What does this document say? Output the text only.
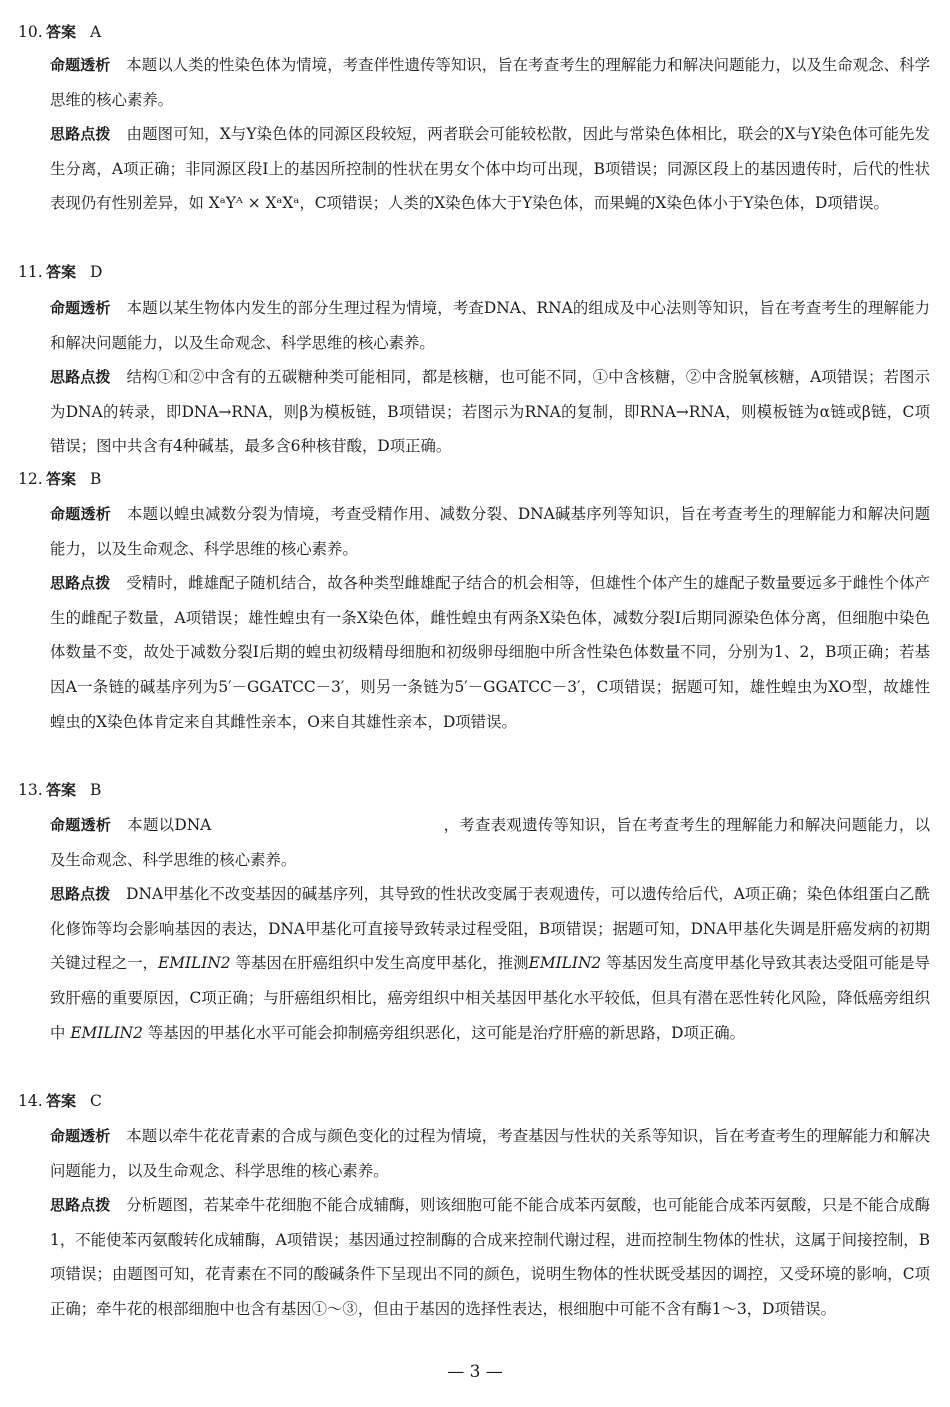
10. 答案 A

命题透析 本题以人类的性染色体为情境，考查伴性遗传等知识，旨在考查考生的理解能力和解决问题能力，以及生命观念、科学思维的核心素养。

思路点拨 由题图可知，X与Y染色体的同源区段较短，两者联会可能较松散，因此与常染色体相比，联会的X与Y染色体可能先发生分离，A项正确；非同源区段Ⅰ上的基因所控制的性状在男女个体中均可出现，B项错误；同源区段上的基因遗传时，后代的性状表现仍有性别差异，如 XᵃYᴬ × XᵃXᵃ，C项错误；人类的X染色体大于Y染色体，而果蝇的X染色体小于Y染色体，D项错误。

11. 答案 D

命题透析 本题以某生物体内发生的部分生理过程为情境，考查DNA、RNA的组成及中心法则等知识，旨在考查考生的理解能力和解决问题能力，以及生命观念、科学思维的核心素养。

思路点拨 结构①和②中含有的五碳糖种类可能相同，都是核糖，也可能不同，①中含核糖，②中含脱氧核糖，A项错误；若图示为DNA的转录，即DNA→RNA，则β为模板链，B项错误；若图示为RNA的复制，即RNA→RNA，则模板链为α链或β链，C项错误；图中共含有4种碱基，最多含6种核苷酸，D项正确。

12. 答案 B

命题透析 本题以蝗虫减数分裂为情境，考查受精作用、减数分裂、DNA碱基序列等知识，旨在考查考生的理解能力和解决问题能力，以及生命观念、科学思维的核心素养。

思路点拨 受精时，雌雄配子随机结合，故各种类型雌雄配子结合的机会相等，但雄性个体产生的雄配子数量要远多于雌性个体产生的雌配子数量，A项错误；雄性蝗虫有一条X染色体，雌性蝗虫有两条X染色体，减数分裂Ⅰ后期同源染色体分离，但细胞中染色体数量不变，故处于减数分裂Ⅰ后期的蝗虫初级精母细胞和初级卵母细胞中所含性染色体数量不同，分别为1、2，B项正确；若基因A一条链的碱基序列为5′－GGATCC－3′，则另一条链为5′－GGATCC－3′，C项错误；据题可知，雄性蝗虫为XO型，故雄性蝗虫的X染色体肯定来自其雌性亲本，O来自其雄性亲本，D项错误。

13. 答案 B

命题透析 本题以DNA	，考查表观遗传等知识，旨在考查考生的理解能力和解决问题能力，以及生命观念、科学思维的核心素养。

思路点拨 DNA甲基化不改变基因的碱基序列，其导致的性状改变属于表观遗传，可以遗传给后代，A项正确；染色体组蛋白乙酰化修饰等均会影响基因的表达，DNA甲基化可直接导致转录过程受阻，B项错误；据题可知，DNA甲基化失调是肝癌发病的初期关键过程之一，EMILIN2 等基因在肝癌组织中发生高度甲基化，推测EMILIN2 等基因发生高度甲基化导致其表达受阻可能是导致肝癌的重要原因，C项正确；与肝癌组织相比，癌旁组织中相关基因甲基化水平较低，但具有潜在恶性转化风险，降低癌旁组织中 EMILIN2 等基因的甲基化水平可能会抑制癌旁组织恶化，这可能是治疗肝癌的新思路，D项正确。

14. 答案 C

命题透析 本题以牵牛花花青素的合成与颜色变化的过程为情境，考查基因与性状的关系等知识，旨在考查考生的理解能力和解决问题能力，以及生命观念、科学思维的核心素养。

思路点拨 分析题图，若某牵牛花细胞不能合成辅酶，则该细胞可能不能合成苯丙氨酸，也可能能合成苯丙氨酸，只是不能合成酶1，不能使苯丙氨酸转化成辅酶，A项错误；基因通过控制酶的合成来控制代谢过程，进而控制生物体的性状，这属于间接控制，B项错误；由题图可知，花青素在不同的酸碱条件下呈现出不同的颜色，说明生物体的性状既受基因的调控，又受环境的影响，C项正确；牵牛花的根部细胞中也含有基因①～③，但由于基因的选择性表达，根细胞中可能不含有酶1～3，D项错误。

— 3 —
